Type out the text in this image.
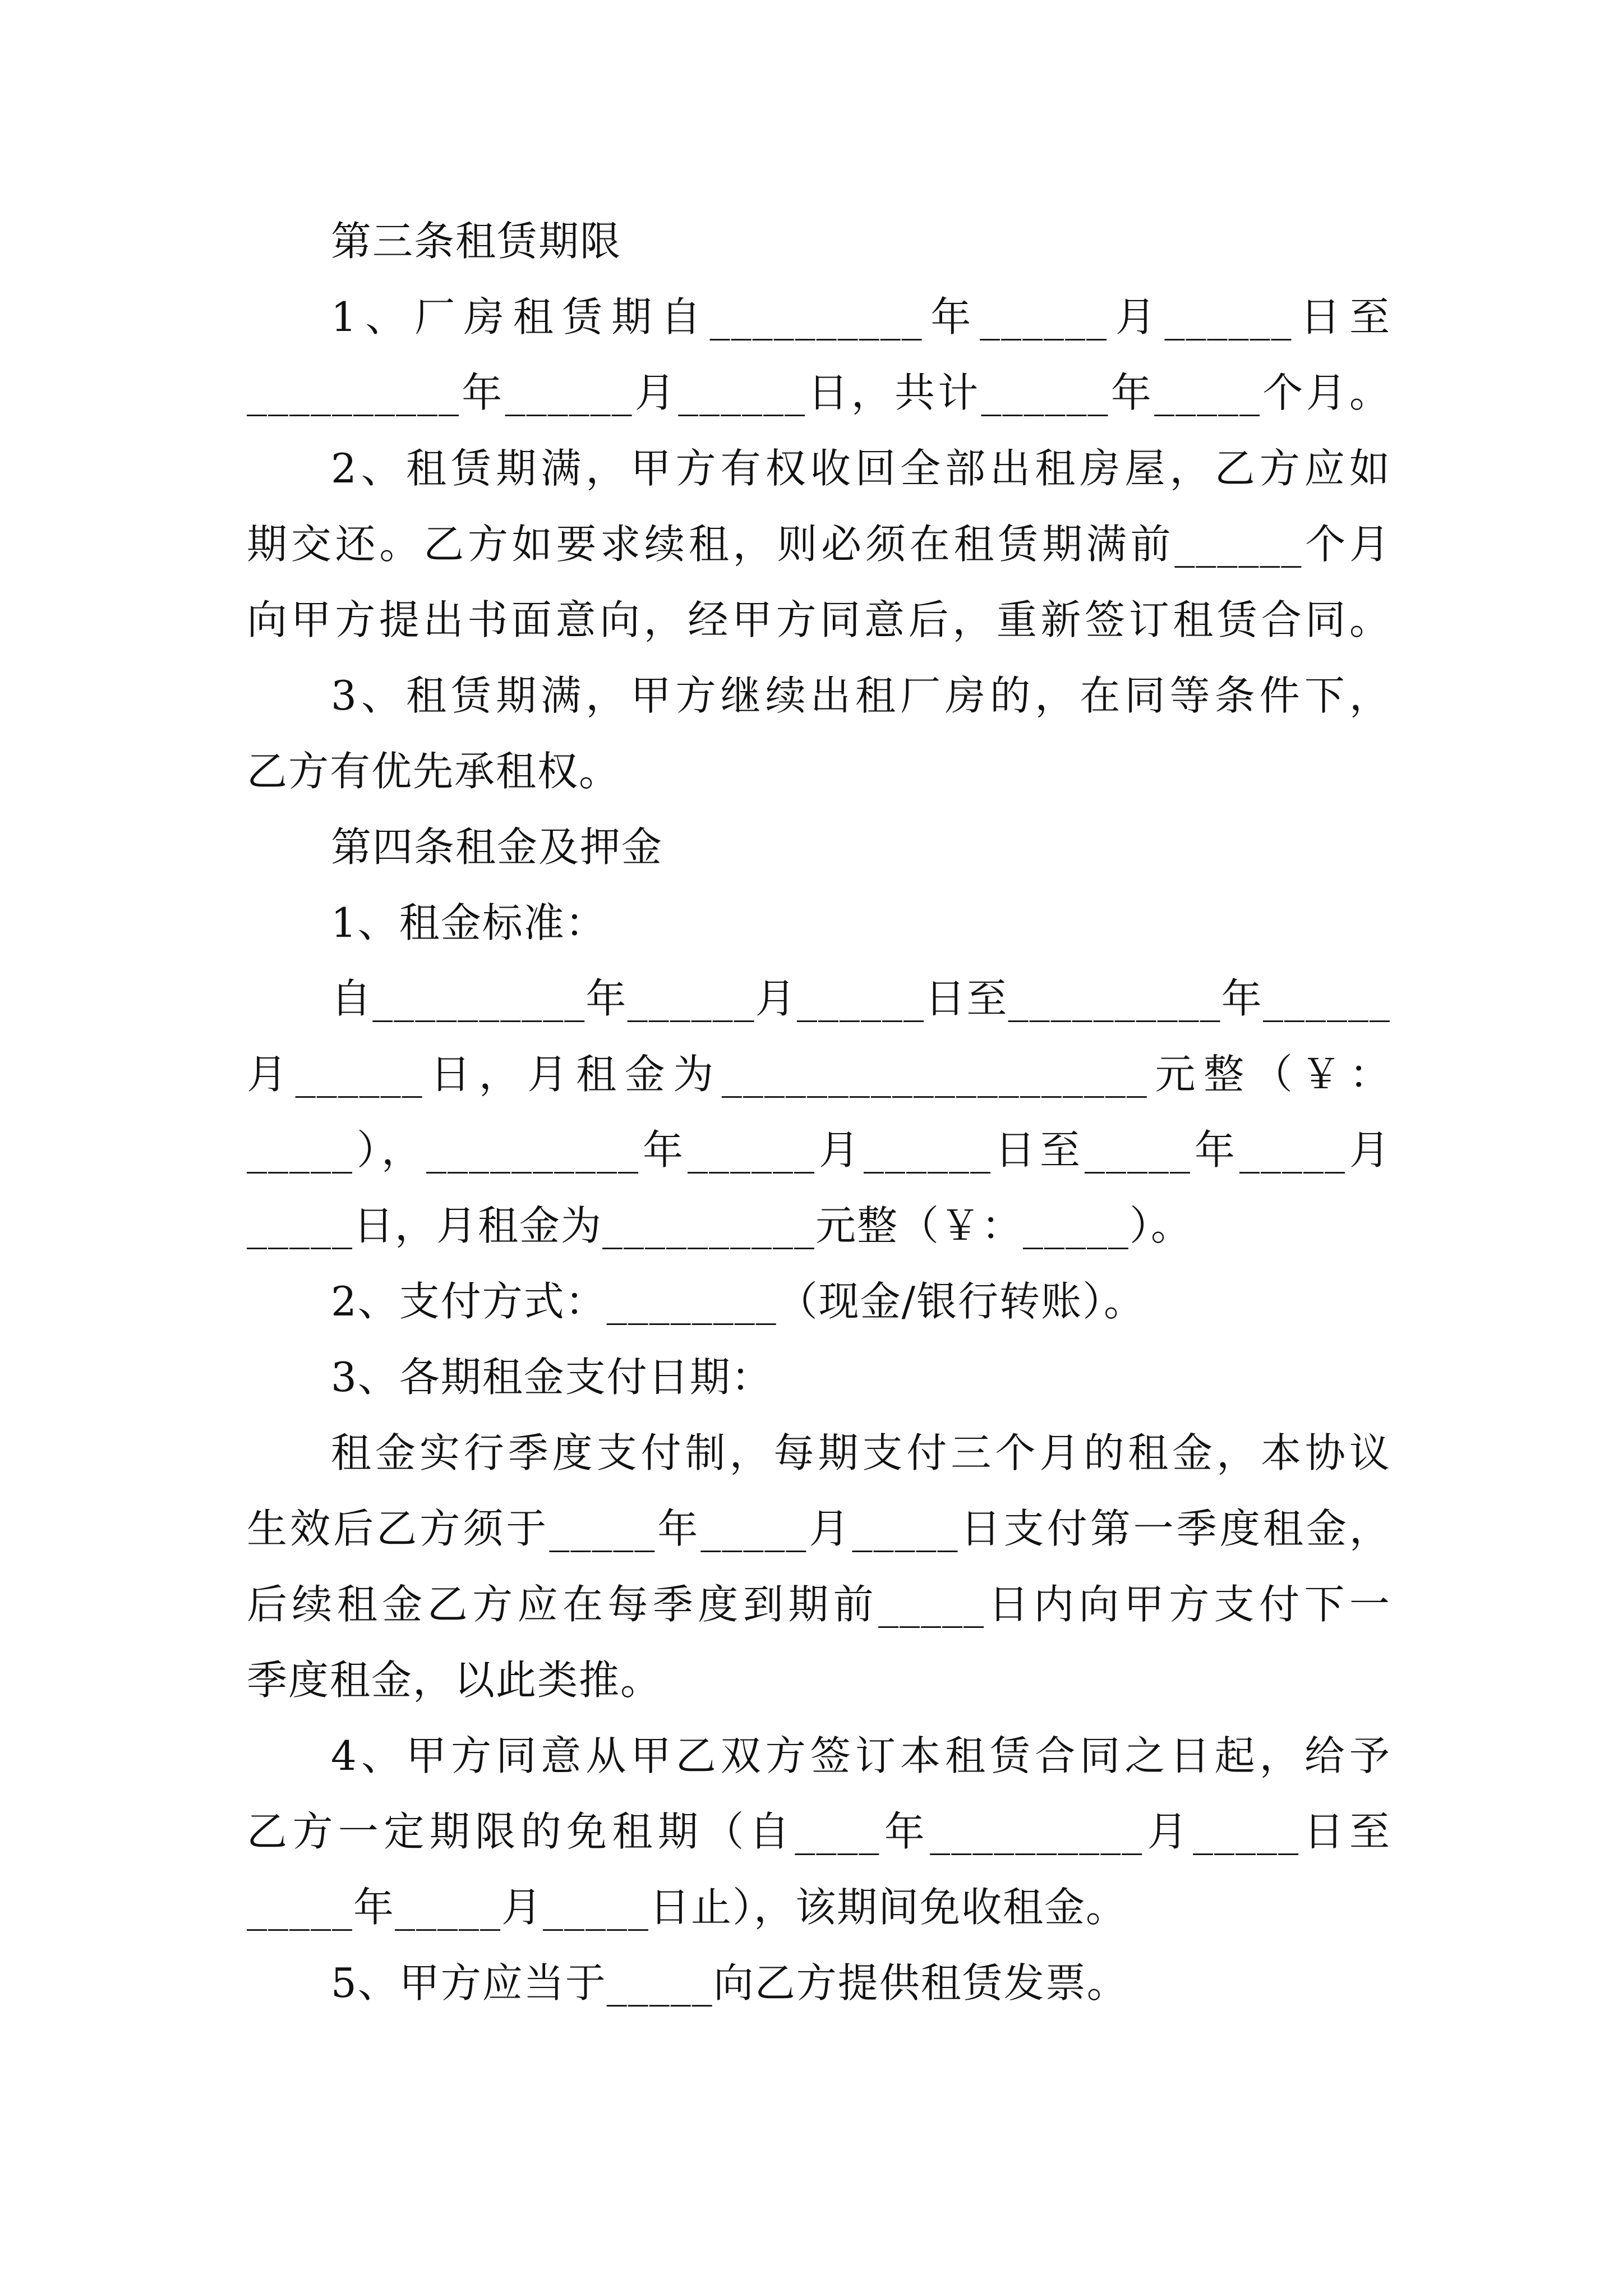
第三条租赁期限
1、厂房租赁期自__________年______月______日至
__________年______月______日，共计______年_____个月。
2、租赁期满，甲方有权收回全部出租房屋，乙方应如
期交还。乙方如要求续租，则必须在租赁期满前______个月
向甲方提出书面意向，经甲方同意后，重新签订租赁合同。
3、租赁期满，甲方继续出租厂房的，在同等条件下，
乙方有优先承租权。
第四条租金及押金
1、租金标准：
自__________年______月______日至__________年______
月______日，月租金为____________________元整（￥：
_____），__________年______月______日至_____年_____月
_____日，月租金为__________元整（￥：_____）。
2、支付方式：________（现金/银行转账）。
3、各期租金支付日期：
租金实行季度支付制，每期支付三个月的租金，本协议
生效后乙方须于_____年_____月_____日支付第一季度租金，
后续租金乙方应在每季度到期前_____日内向甲方支付下一
季度租金，以此类推。
4、甲方同意从甲乙双方签订本租赁合同之日起，给予
乙方一定期限的免租期（自____年__________月_____日至
_____年_____月_____日止），该期间免收租金。
5、甲方应当于_____向乙方提供租赁发票。
